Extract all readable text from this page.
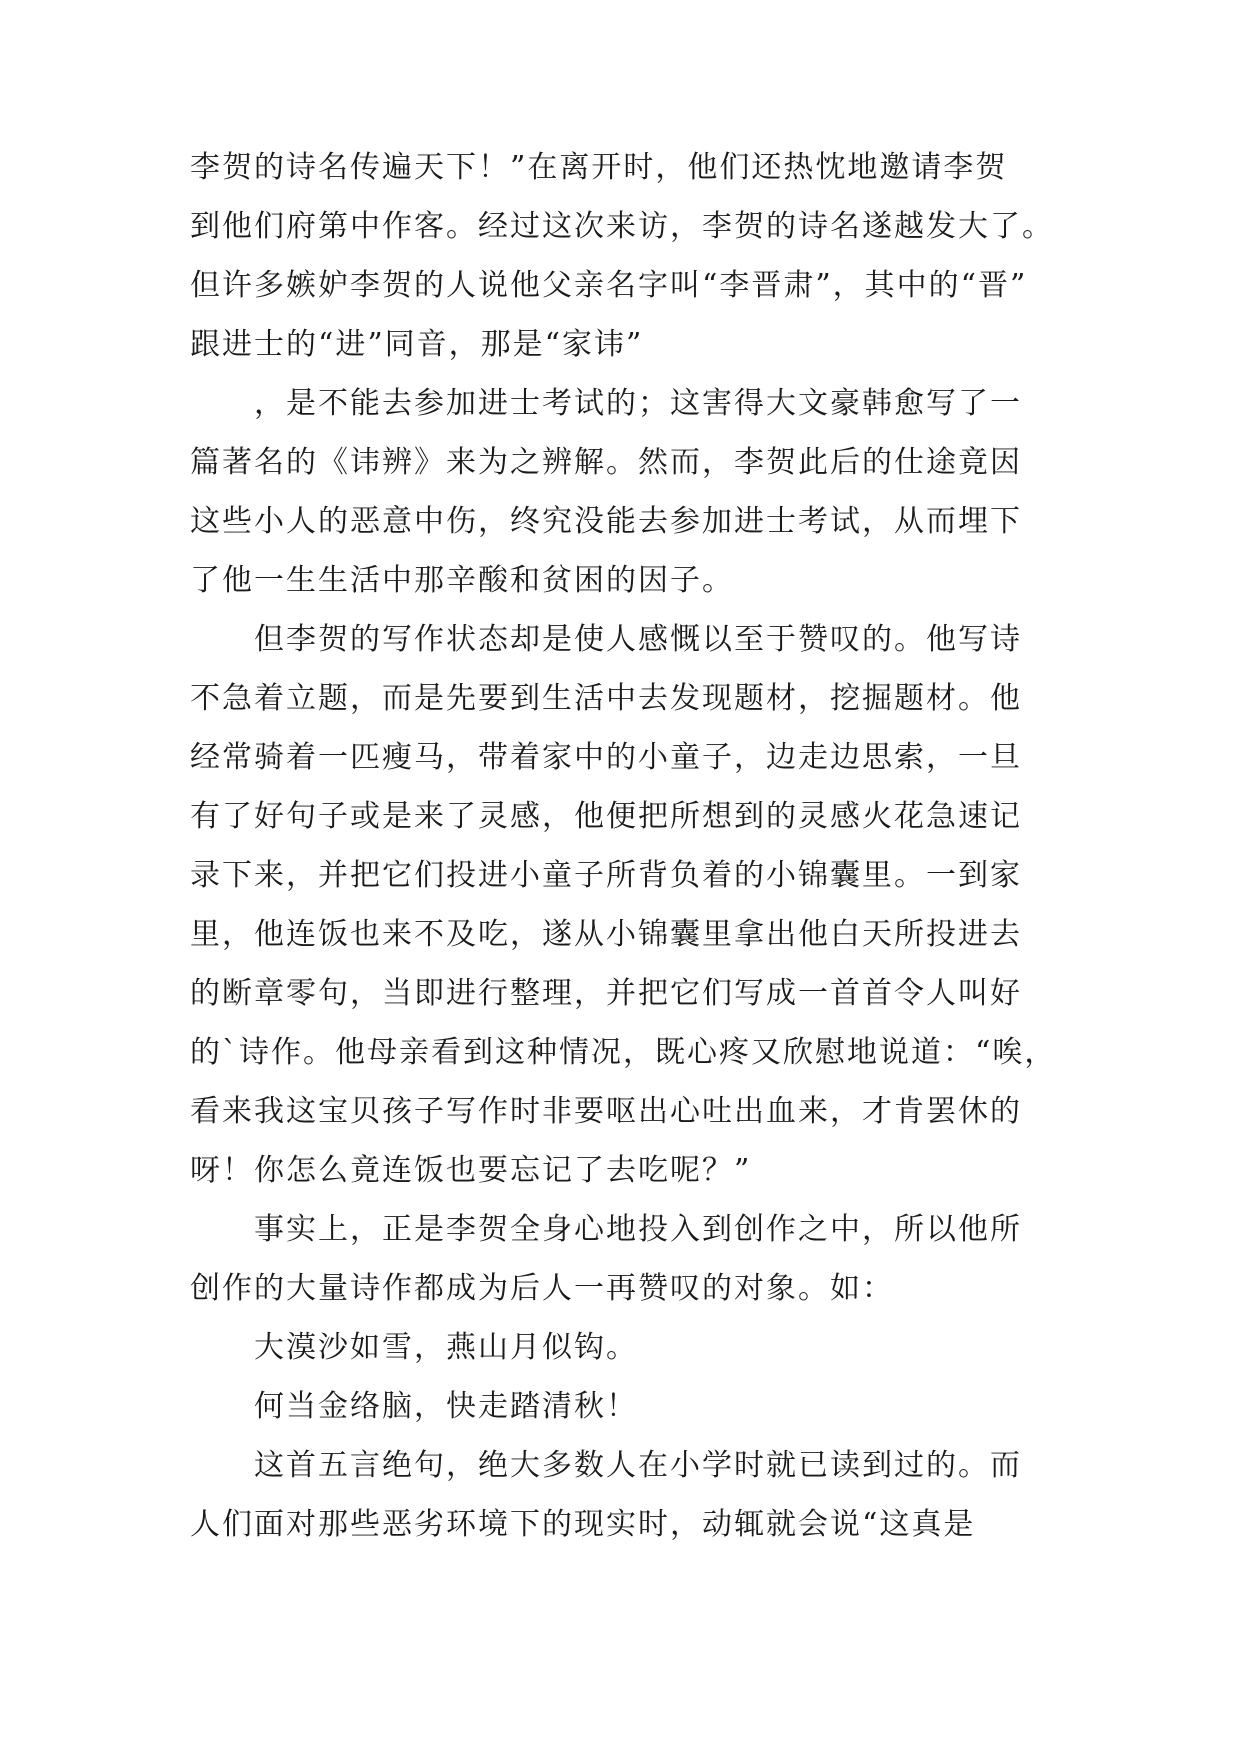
李贺的诗名传遍天下！”在离开时，他们还热忱地邀请李贺
到他们府第中作客。经过这次来访，李贺的诗名遂越发大了。
但许多嫉妒李贺的人说他父亲名字叫“李晋肃”，其中的“晋”
跟进士的“进”同音，那是“家讳”
，是不能去参加进士考试的；这害得大文豪韩愈写了一
篇著名的《讳辨》来为之辨解。然而，李贺此后的仕途竟因
这些小人的恶意中伤，终究没能去参加进士考试，从而埋下
了他一生生活中那辛酸和贫困的因子。
但李贺的写作状态却是使人感慨以至于赞叹的。他写诗
不急着立题，而是先要到生活中去发现题材，挖掘题材。他
经常骑着一匹瘦马，带着家中的小童子，边走边思索，一旦
有了好句子或是来了灵感，他便把所想到的灵感火花急速记
录下来，并把它们投进小童子所背负着的小锦囊里。一到家
里，他连饭也来不及吃，遂从小锦囊里拿出他白天所投进去
的断章零句，当即进行整理，并把它们写成一首首令人叫好
的`诗作。他母亲看到这种情况，既心疼又欣慰地说道：“唉，
看来我这宝贝孩子写作时非要呕出心吐出血来，才肯罢休的
呀！你怎么竟连饭也要忘记了去吃呢？”
事实上，正是李贺全身心地投入到创作之中，所以他所
创作的大量诗作都成为后人一再赞叹的对象。如：
大漠沙如雪，燕山月似钩。
何当金络脑，快走踏清秋！
这首五言绝句，绝大多数人在小学时就已读到过的。而
人们面对那些恶劣环境下的现实时，动辄就会说“这真是
